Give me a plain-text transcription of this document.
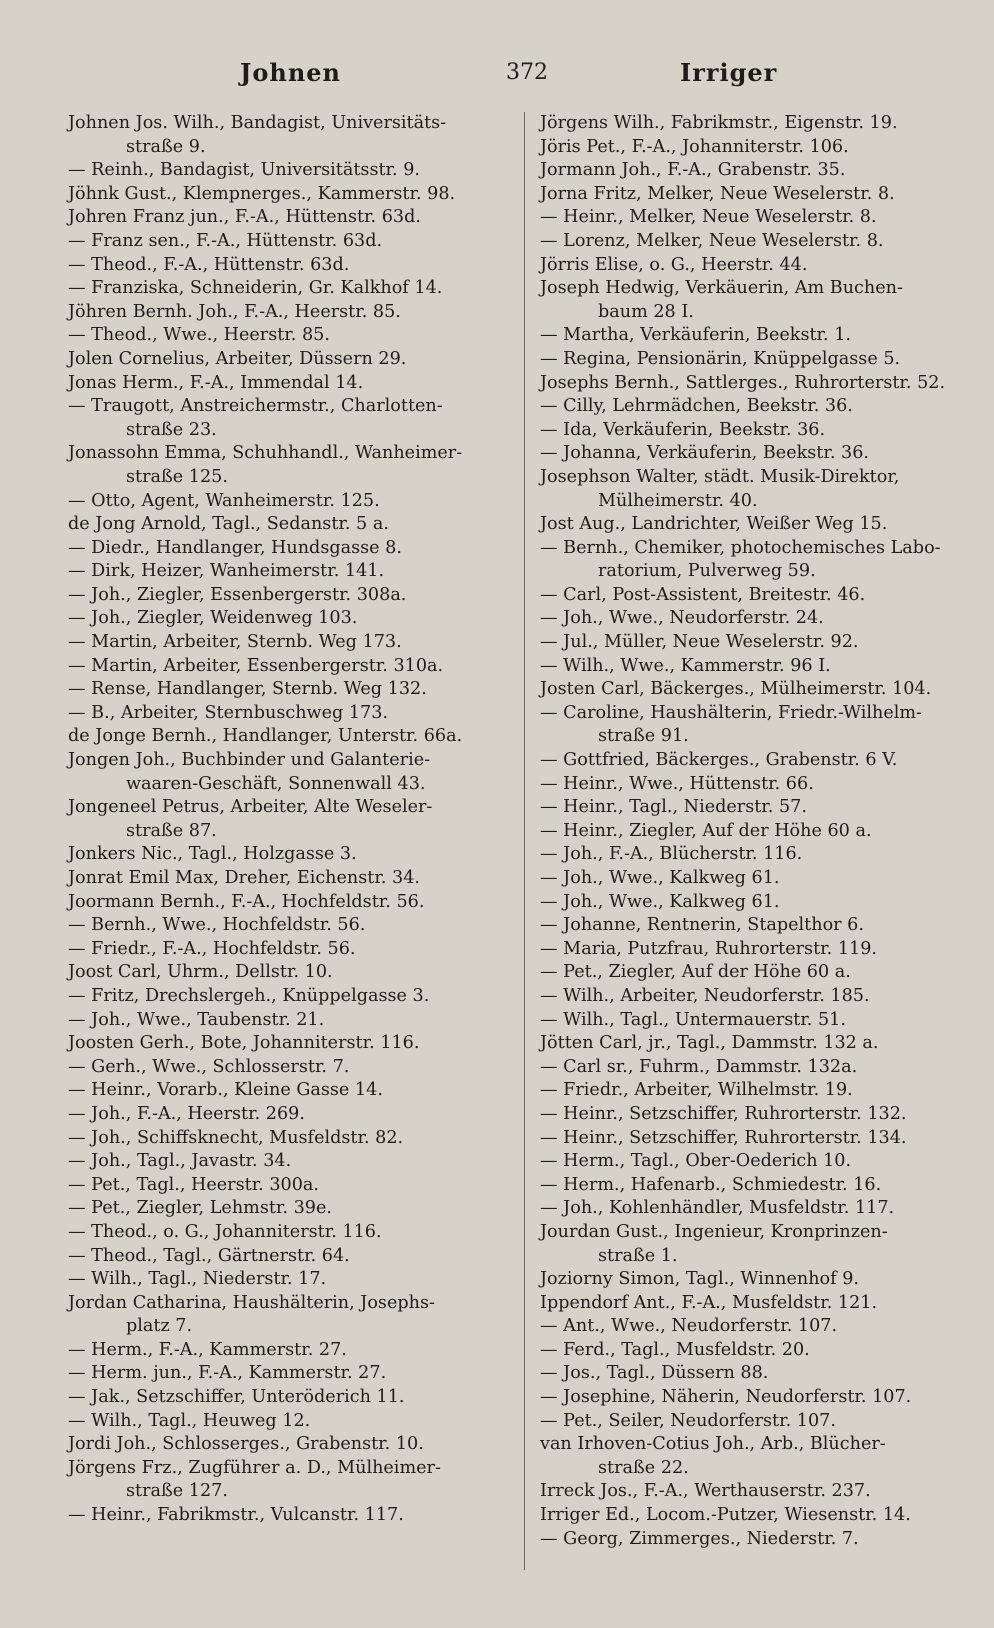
Johnen	372	Irriger
Johnen Jos. Wilh., Bandagist, Universitäts-
straße 9.
— Reinh., Bandagist, Universitätsstr. 9.
Jöhnk Gust., Klempnerges., Kammerstr. 98.
Johren Franz jun., F.-A., Hüttenstr. 63d.
— Franz sen., F.-A., Hüttenstr. 63d.
— Theod., F.-A., Hüttenstr. 63d.
— Franziska, Schneiderin, Gr. Kalkhof 14.
Jöhren Bernh. Joh., F.-A., Heerstr. 85.
— Theod., Wwe., Heerstr. 85.
Jolen Cornelius, Arbeiter, Düssern 29.
Jonas Herm., F.-A., Immendal 14.
— Traugott, Anstreichermstr., Charlotten-
straße 23.
Jonassohn Emma, Schuhhandl., Wanheimer-
straße 125.
— Otto, Agent, Wanheimerstr. 125.
de Jong Arnold, Tagl., Sedanstr. 5 a.
— Diedr., Handlanger, Hundsgasse 8.
— Dirk, Heizer, Wanheimerstr. 141.
— Joh., Ziegler, Essenbergerstr. 308a.
— Joh., Ziegler, Weidenweg 103.
— Martin, Arbeiter, Sternb. Weg 173.
— Martin, Arbeiter, Essenbergerstr. 310a.
— Rense, Handlanger, Sternb. Weg 132.
— B., Arbeiter, Sternbuschweg 173.
de Jonge Bernh., Handlanger, Unterstr. 66a.
Jongen Joh., Buchbinder und Galanterie-
waaren-Geschäft, Sonnenwall 43.
Jongeneel Petrus, Arbeiter, Alte Weseler-
straße 87.
Jonkers Nic., Tagl., Holzgasse 3.
Jonrat Emil Max, Dreher, Eichenstr. 34.
Joormann Bernh., F.-A., Hochfeldstr. 56.
— Bernh., Wwe., Hochfeldstr. 56.
— Friedr., F.-A., Hochfeldstr. 56.
Joost Carl, Uhrm., Dellstr. 10.
— Fritz, Drechslergeh., Knüppelgasse 3.
— Joh., Wwe., Taubenstr. 21.
Joosten Gerh., Bote, Johanniterstr. 116.
— Gerh., Wwe., Schlosserstr. 7.
— Heinr., Vorarb., Kleine Gasse 14.
— Joh., F.-A., Heerstr. 269.
— Joh., Schiffsknecht, Musfeldstr. 82.
— Joh., Tagl., Javastr. 34.
— Pet., Tagl., Heerstr. 300a.
— Pet., Ziegler, Lehmstr. 39e.
— Theod., o. G., Johanniterstr. 116.
— Theod., Tagl., Gärtnerstr. 64.
— Wilh., Tagl., Niederstr. 17.
Jordan Catharina, Haushälterin, Josephs-
platz 7.
— Herm., F.-A., Kammerstr. 27.
— Herm. jun., F.-A., Kammerstr. 27.
— Jak., Setzschiffer, Unteröderich 11.
— Wilh., Tagl., Heuweg 12.
Jordi Joh., Schlosserges., Grabenstr. 10.
Jörgens Frz., Zugführer a. D., Mülheimer-
straße 127.
— Heinr., Fabrikmstr., Vulcanstr. 117.
Jörgens Wilh., Fabrikmstr., Eigenstr. 19.
Jöris Pet., F.-A., Johanniterstr. 106.
Jormann Joh., F.-A., Grabenstr. 35.
Jorna Fritz, Melker, Neue Weselerstr. 8.
— Heinr., Melker, Neue Weselerstr. 8.
— Lorenz, Melker, Neue Weselerstr. 8.
Jörris Elise, o. G., Heerstr. 44.
Joseph Hedwig, Verkäuerin, Am Buchen-
baum 28 I.
— Martha, Verkäuferin, Beekstr. 1.
— Regina, Pensionärin, Knüppelgasse 5.
Josephs Bernh., Sattlerges., Ruhrorterstr. 52.
— Cilly, Lehrmädchen, Beekstr. 36.
— Ida, Verkäuferin, Beekstr. 36.
— Johanna, Verkäuferin, Beekstr. 36.
Josephson Walter, städt. Musik-Direktor,
Mülheimerstr. 40.
Jost Aug., Landrichter, Weißer Weg 15.
— Bernh., Chemiker, photochemisches Labo-
ratorium, Pulverweg 59.
— Carl, Post-Assistent, Breitestr. 46.
— Joh., Wwe., Neudorferstr. 24.
— Jul., Müller, Neue Weselerstr. 92.
— Wilh., Wwe., Kammerstr. 96 I.
Josten Carl, Bäckerges., Mülheimerstr. 104.
— Caroline, Haushälterin, Friedr.-Wilhelm-
straße 91.
— Gottfried, Bäckerges., Grabenstr. 6 V.
— Heinr., Wwe., Hüttenstr. 66.
— Heinr., Tagl., Niederstr. 57.
— Heinr., Ziegler, Auf der Höhe 60 a.
— Joh., F.-A., Blücherstr. 116.
— Joh., Wwe., Kalkweg 61.
— Joh., Wwe., Kalkweg 61.
— Johanne, Rentnerin, Stapelthor 6.
— Maria, Putzfrau, Ruhrorterstr. 119.
— Pet., Ziegler, Auf der Höhe 60 a.
— Wilh., Arbeiter, Neudorferstr. 185.
— Wilh., Tagl., Untermauerstr. 51.
Jötten Carl, jr., Tagl., Dammstr. 132 a.
— Carl sr., Fuhrm., Dammstr. 132a.
— Friedr., Arbeiter, Wilhelmstr. 19.
— Heinr., Setzschiffer, Ruhrorterstr. 132.
— Heinr., Setzschiffer, Ruhrorterstr. 134.
— Herm., Tagl., Ober-Oederich 10.
— Herm., Hafenarb., Schmiedestr. 16.
— Joh., Kohlenhändler, Musfeldstr. 117.
Jourdan Gust., Ingenieur, Kronprinzen-
straße 1.
Joziorny Simon, Tagl., Winnenhof 9.
Ippendorf Ant., F.-A., Musfeldstr. 121.
— Ant., Wwe., Neudorferstr. 107.
— Ferd., Tagl., Musfeldstr. 20.
— Jos., Tagl., Düssern 88.
— Josephine, Näherin, Neudorferstr. 107.
— Pet., Seiler, Neudorferstr. 107.
van Irhoven-Cotius Joh., Arb., Blücher-
straße 22.
Irreck Jos., F.-A., Werthauserstr. 237.
Irriger Ed., Locom.-Putzer, Wiesenstr. 14.
— Georg, Zimmerges., Niederstr. 7.
